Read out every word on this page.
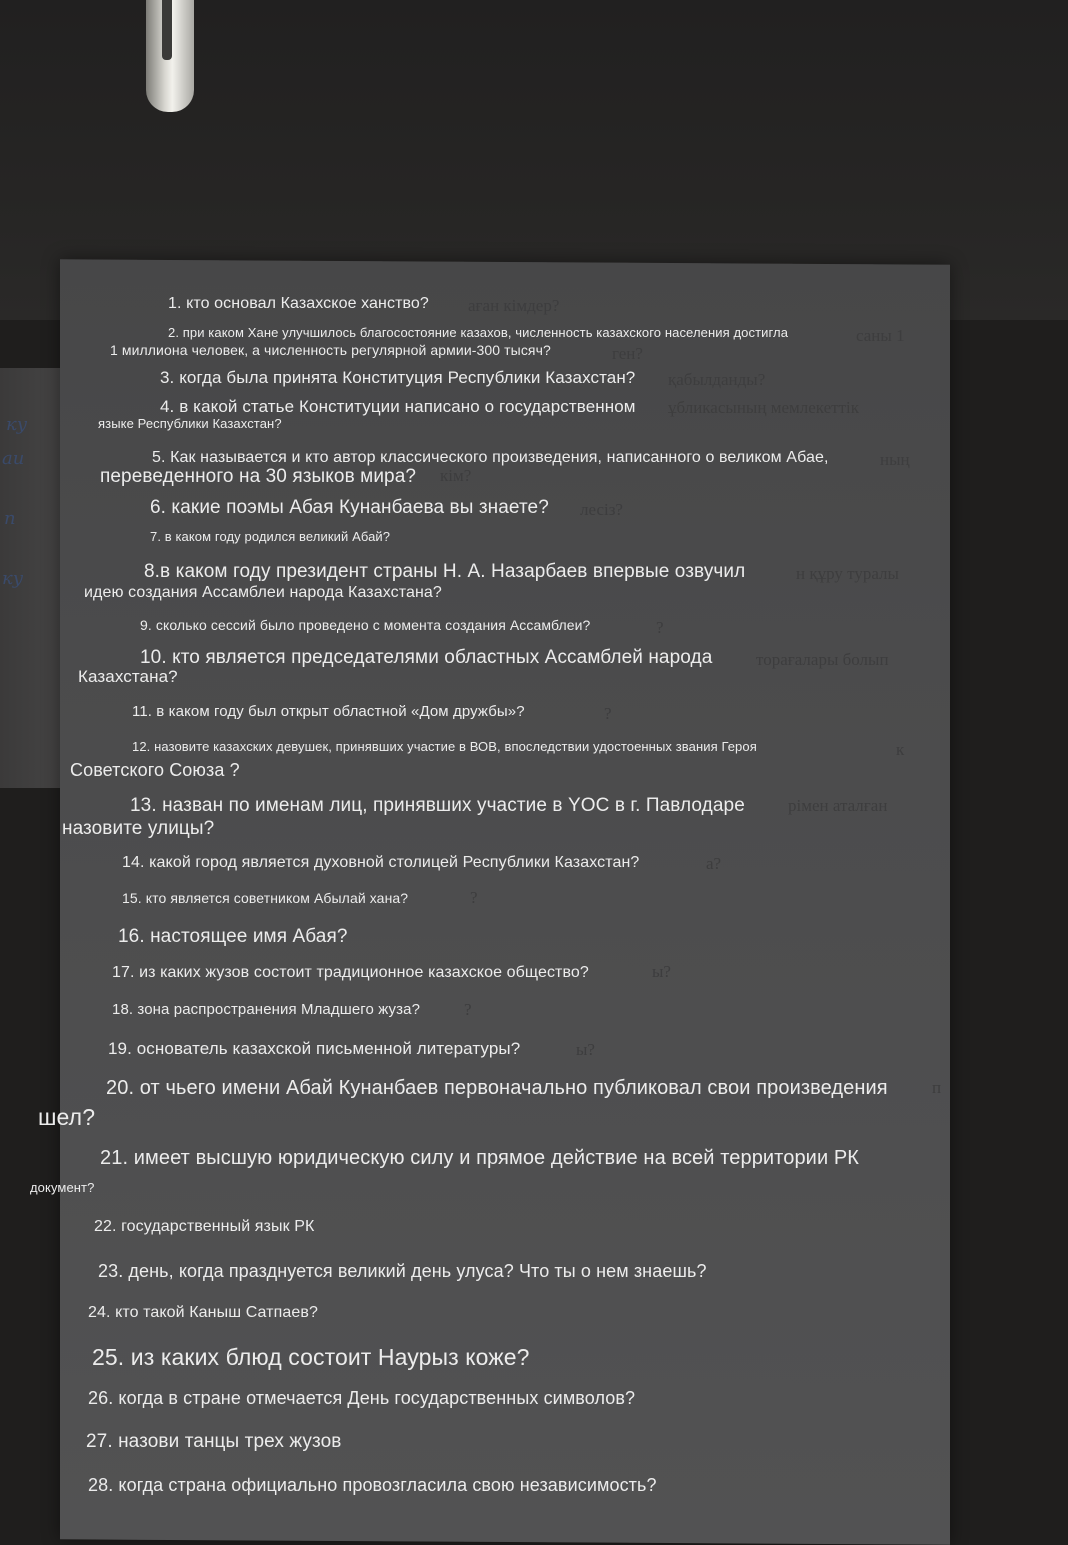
ку
аи
п
ку
аған кімдер?
саны 1
ген?
қабылданды?
ұбликасының мемлекеттік
ның
кім?
лесіз?
н құру туралы
?
торағалары болып
?
к
рімен аталған
а?
?
ы?
?
ы?
п
1. кто основал Казахское ханство?
2. при каком Хане улучшилось благосостояние казахов, численность казахского населения достигла
1 миллиона человек, а численность регулярной армии-300 тысяч?
3. когда была принята Конституция Республики Казахстан?
4. в какой статье Конституции написано о государственном
языке Республики Казахстан?
5. Как называется и кто автор классического произведения, написанного о великом Абае,
переведенного на 30 языков мира?
6. какие поэмы Абая Кунанбаева вы знаете?
7. в каком году родился великий Абай?
8.в каком году президент страны Н. А. Назарбаев впервые озвучил
идею создания Ассамблеи народа Казахстана?
9. сколько сессий было проведено с момента создания Ассамблеи?
10. кто является председателями областных Ассамблей народа
Казахстана?
11. в каком году был открыт областной «Дом дружбы»?
12. назовите казахских девушек, принявших участие в ВОВ, впоследствии удостоенных звания Героя
Советского Союза ?
13. назван по именам лиц, принявших участие в YOC в г. Павлодаре
назовите улицы?
14. какой город является духовной столицей Республики Казахстан?
15. кто является советником Абылай хана?
16. настоящее имя Абая?
17. из каких жузов состоит традиционное казахское общество?
18. зона распространения Младшего жуза?
19. основатель казахской письменной литературы?
20. от чьего имени Абай Кунанбаев первоначально публиковал свои произведения
шел?
21. имеет высшую юридическую силу и прямое действие на всей территории РК
документ?
22. государственный язык РК
23. день, когда празднуется великий день улуса? Что ты о нем знаешь?
24. кто такой Каныш Сатпаев?
25. из каких блюд состоит Наурыз коже?
26. когда в стране отмечается День государственных символов?
27. назови танцы трех жузов
28. когда страна официально провозгласила свою независимость?
